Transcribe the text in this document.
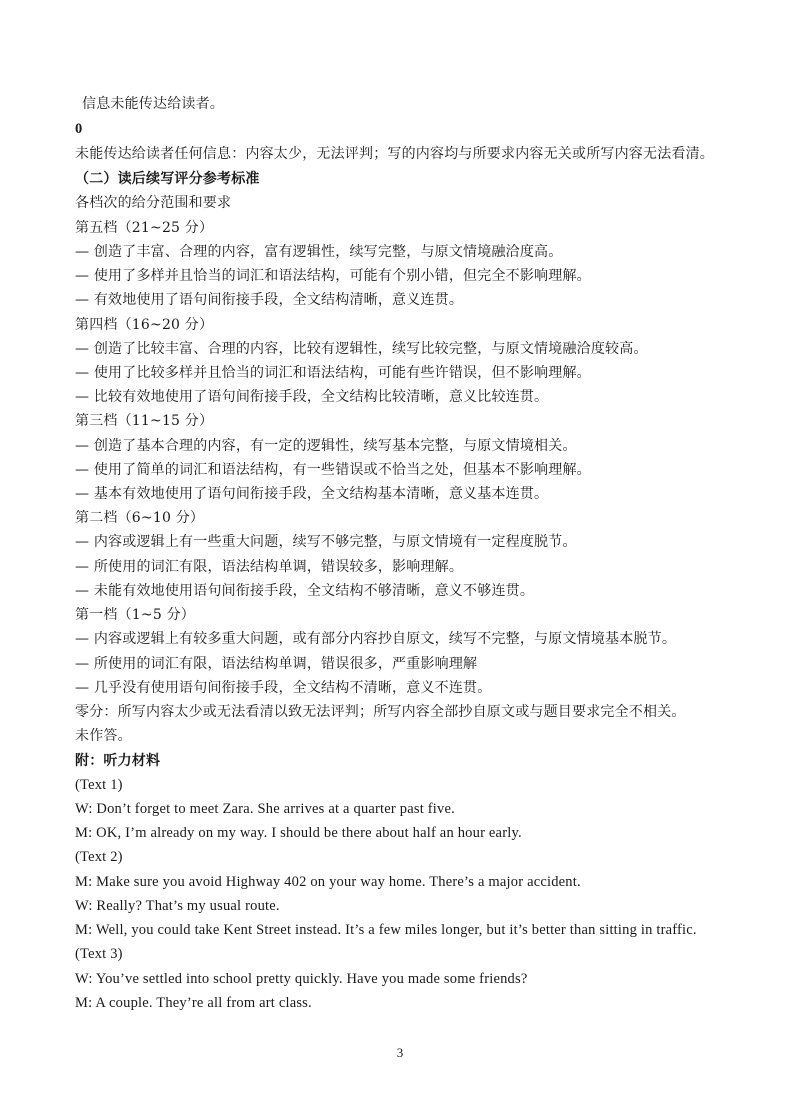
信息未能传达给读者。
0
未能传达给读者任何信息：内容太少，无法评判；写的内容均与所要求内容无关或所写内容无法看清。
（二）读后续写评分参考标准
各档次的给分范围和要求
第五档（21~25 分）
— 创造了丰富、合理的内容，富有逻辑性，续写完整，与原文情境融洽度高。
— 使用了多样并且恰当的词汇和语法结构，可能有个别小错，但完全不影响理解。
— 有效地使用了语句间衔接手段，全文结构清晰，意义连贯。
第四档（16~20 分）
— 创造了比较丰富、合理的内容，比较有逻辑性，续写比较完整，与原文情境融洽度较高。
— 使用了比较多样并且恰当的词汇和语法结构，可能有些许错误，但不影响理解。
— 比较有效地使用了语句间衔接手段，全文结构比较清晰，意义比较连贯。
第三档（11~15 分）
— 创造了基本合理的内容，有一定的逻辑性，续写基本完整，与原文情境相关。
— 使用了简单的词汇和语法结构，有一些错误或不恰当之处，但基本不影响理解。
— 基本有效地使用了语句间衔接手段，全文结构基本清晰，意义基本连贯。
第二档（6~10 分）
— 内容或逻辑上有一些重大问题，续写不够完整，与原文情境有一定程度脱节。
— 所使用的词汇有限，语法结构单调，错误较多，影响理解。
— 未能有效地使用语句间衔接手段，全文结构不够清晰，意义不够连贯。
第一档（1~5 分）
— 内容或逻辑上有较多重大问题，或有部分内容抄自原文，续写不完整，与原文情境基本脱节。
— 所使用的词汇有限，语法结构单调，错误很多，严重影响理解
— 几乎没有使用语句间衔接手段，全文结构不清晰，意义不连贯。
零分：所写内容太少或无法看清以致无法评判；所写内容全部抄自原文或与题目要求完全不相关。
未作答。
附：听力材料
(Text 1)
W: Don’t forget to meet Zara. She arrives at a quarter past five.
M: OK, I’m already on my way. I should be there about half an hour early.
(Text 2)
M: Make sure you avoid Highway 402 on your way home. There’s a major accident.
W: Really? That’s my usual route.
M: Well, you could take Kent Street instead. It’s a few miles longer, but it’s better than sitting in traffic.
(Text 3)
W: You’ve settled into school pretty quickly. Have you made some friends?
M: A couple. They’re all from art class.
3
